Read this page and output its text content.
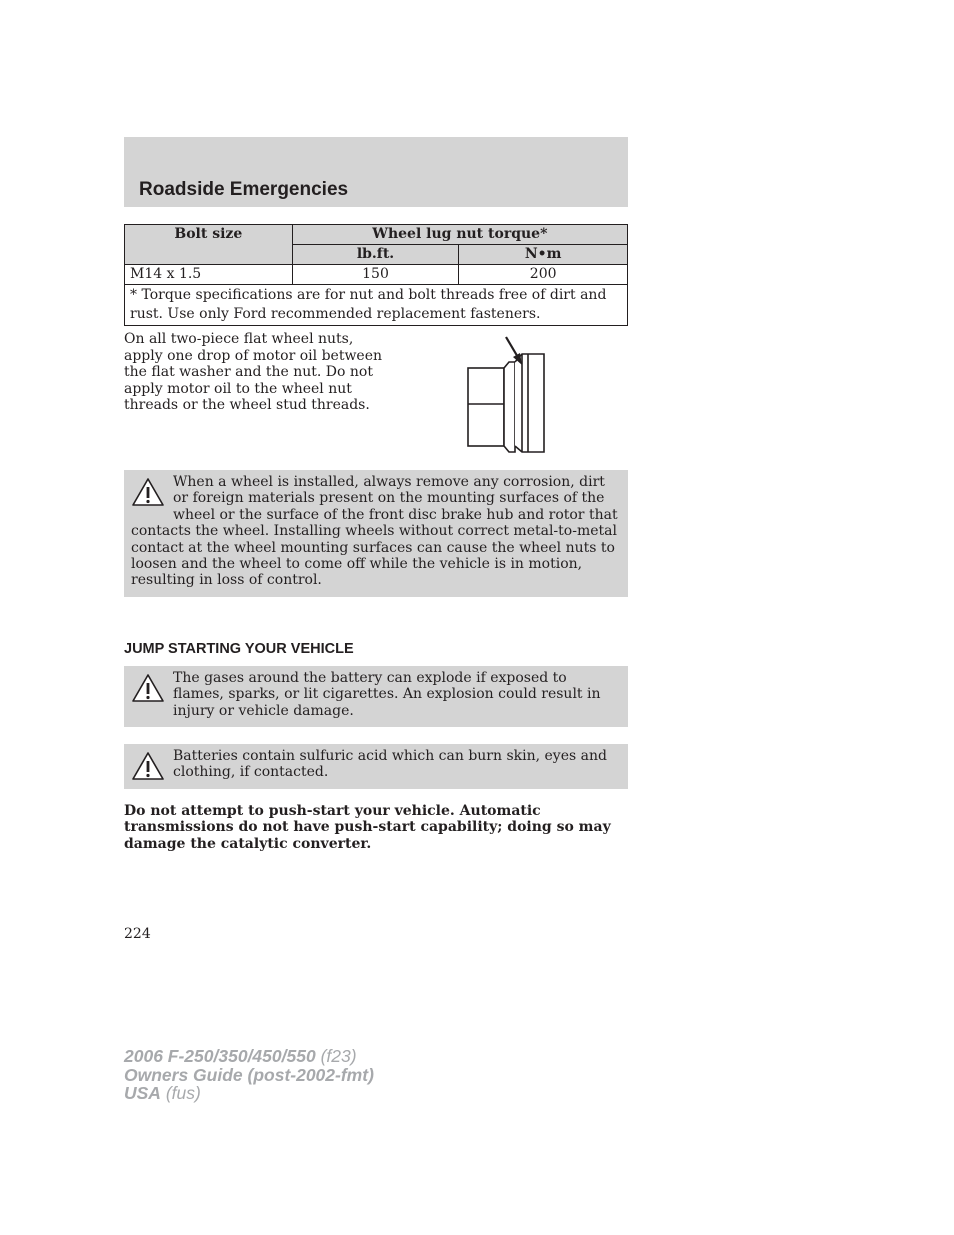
Roadside Emergencies
Bolt size	Wheel lug nut torque*	
	lb.ft.	N•m
M14 x 1.5	150	200
* Torque specifications are for nut and bolt threads free of dirt and rust. Use only Ford recommended replacement fasteners.		

On all two-piece flat wheel nuts, apply one drop of motor oil between the flat washer and the nut. Do not apply motor oil to the wheel nut threads or the wheel stud threads.

When a wheel is installed, always remove any corrosion, dirt or foreign materials present on the mounting surfaces of the wheel or the surface of the front disc brake hub and rotor that contacts the wheel. Installing wheels without correct metal-to-metal contact at the wheel mounting surfaces can cause the wheel nuts to loosen and the wheel to come off while the vehicle is in motion, resulting in loss of control.
JUMP STARTING YOUR VEHICLE
The gases around the battery can explode if exposed to flames, sparks, or lit cigarettes. An explosion could result in injury or vehicle damage.
Batteries contain sulfuric acid which can burn skin, eyes and clothing, if contacted.

Do not attempt to push-start your vehicle. Automatic transmissions do not have push-start capability; doing so may damage the catalytic converter.

224
2006 F-250/350/450/550 (f23)
Owners Guide (post-2002-fmt)
USA (fus)
